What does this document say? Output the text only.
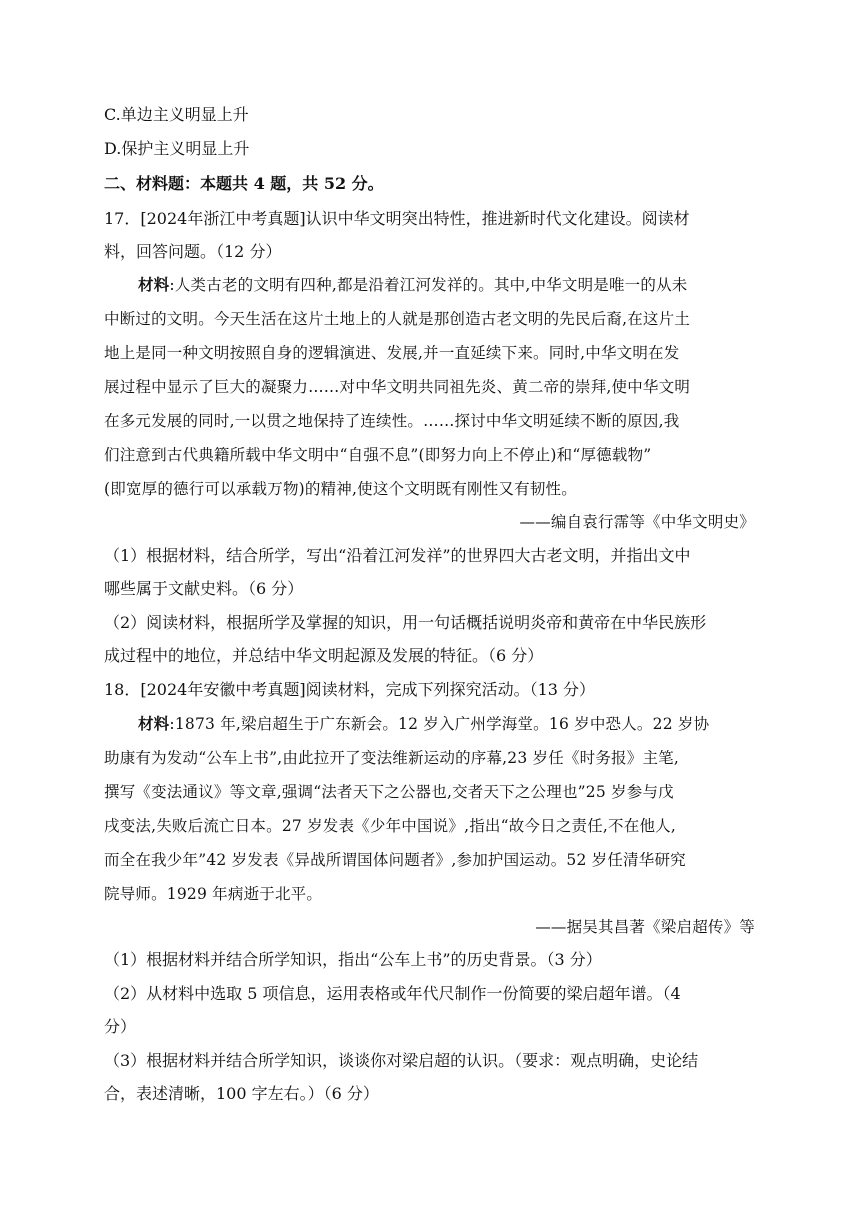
C.单边主义明显上升
D.保护主义明显上升
二、材料题：本题共 4 题，共 52 分。
17．[2024年浙江中考真题]认识中华文明突出特性，推进新时代文化建设。阅读材
料，回答问题。（12 分）
材料:人类古老的文明有四种,都是沿着江河发祥的。其中,中华文明是唯一的从未
中断过的文明。今天生活在这片土地上的人就是那创造古老文明的先民后裔,在这片土
地上是同一种文明按照自身的逻辑演进、发展,并一直延续下来。同时,中华文明在发
展过程中显示了巨大的凝聚力……对中华文明共同祖先炎、黄二帝的崇拜,使中华文明
在多元发展的同时,一以贯之地保持了连续性。……探讨中华文明延续不断的原因,我
们注意到古代典籍所载中华文明中“自强不息”(即努力向上不停止)和“厚德载物”
(即宽厚的德行可以承载万物)的精神,使这个文明既有刚性又有韧性。
——编自袁行霈等《中华文明史》
（1）根据材料，结合所学，写出“沿着江河发祥”的世界四大古老文明，并指出文中
哪些属于文献史料。（6 分）
（2）阅读材料，根据所学及掌握的知识，用一句话概括说明炎帝和黄帝在中华民族形
成过程中的地位，并总结中华文明起源及发展的特征。（6 分）
18．[2024年安徽中考真题]阅读材料，完成下列探究活动。（13 分）
材料:1873 年,梁启超生于广东新会。12 岁入广州学海堂。16 岁中恐人。22 岁协
助康有为发动“公车上书”,由此拉开了变法维新运动的序幕,23 岁任《时务报》主笔,
撰写《变法通议》等文章,强调“法者天下之公器也,交者天下之公理也”25 岁参与戊
戌变法,失败后流亡日本。27 岁发表《少年中国说》,指出“故今日之责任,不在他人,
而全在我少年”42 岁发表《异战所谓国体问题者》,参加护国运动。52 岁任清华研究
院导师。1929 年病逝于北平。
——据吴其昌著《梁启超传》等
（1）根据材料并结合所学知识，指出“公车上书”的历史背景。（3 分）
（2）从材料中选取 5 项信息，运用表格或年代尺制作一份简要的梁启超年谱。（4
分）
（3）根据材料并结合所学知识，谈谈你对梁启超的认识。（要求：观点明确，史论结
合，表述清晰，100 字左右。）（6 分）
